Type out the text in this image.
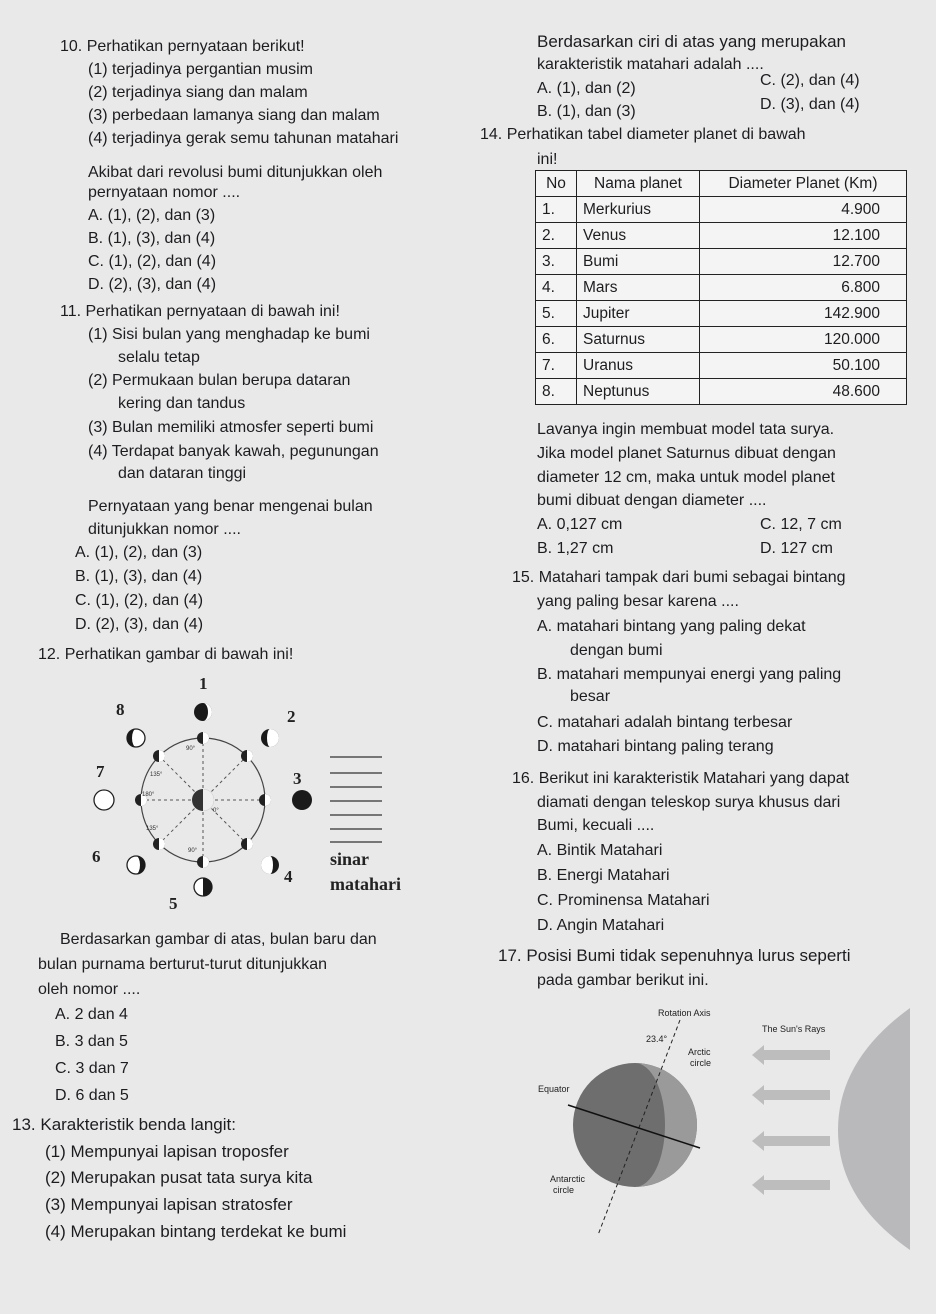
10. Perhatikan pernyataan berikut!
(1) terjadinya pergantian musim
(2) terjadinya siang dan malam
(3) perbedaan lamanya siang dan malam
(4) terjadinya gerak semu tahunan matahari
Akibat dari revolusi bumi ditunjukkan oleh
pernyataan nomor ....
A. (1), (2), dan (3)
B. (1), (3), dan (4)
C. (1), (2), dan (4)
D. (2), (3), dan (4)
11. Perhatikan pernyataan di bawah ini!
(1) Sisi bulan yang menghadap ke bumi
selalu tetap
(2) Permukaan bulan berupa dataran
kering dan tandus
(3) Bulan memiliki atmosfer seperti bumi
(4) Terdapat banyak kawah, pegunungan
dan dataran tinggi
Pernyataan yang benar mengenai bulan
ditunjukkan nomor ....
A. (1), (2), dan (3)
B. (1), (3), dan (4)
C. (1), (2), dan (4)
D. (2), (3), dan (4)
12. Perhatikan gambar di bawah ini!
90°
135°
180°
0°
135°
90°
1
2
3
4
5
6
7
8
sinar
matahari
Berdasarkan gambar di atas, bulan baru dan
bulan purnama berturut-turut ditunjukkan
oleh nomor ....
A. 2 dan 4
B. 3 dan 5
C. 3 dan 7
D. 6 dan 5
13. Karakteristik benda langit:
(1) Mempunyai lapisan troposfer
(2) Merupakan pusat tata surya kita
(3) Mempunyai lapisan stratosfer
(4) Merupakan bintang terdekat ke bumi
Berdasarkan ciri di atas yang merupakan
karakteristik matahari adalah ....
A. (1), dan (2)
B. (1), dan (3)
C. (2), dan (4)
D. (3), dan (4)
14. Perhatikan tabel diameter planet di bawah
ini!
No	Nama planet	Diameter Planet (Km)
1.	Merkurius	4.900
2.	Venus	12.100
3.	Bumi	12.700
4.	Mars	6.800
5.	Jupiter	142.900
6.	Saturnus	120.000
7.	Uranus	50.100
8.	Neptunus	48.600
Lavanya ingin membuat model tata surya.
Jika model planet Saturnus dibuat dengan
diameter 12 cm, maka untuk model planet
bumi dibuat dengan diameter ....
A. 0,127 cm
B. 1,27 cm
C. 12, 7 cm
D. 127 cm
15. Matahari tampak dari bumi sebagai bintang
yang paling besar karena ....
A. matahari bintang yang paling dekat
dengan bumi
B. matahari mempunyai energi yang paling
besar
C. matahari adalah bintang terbesar
D. matahari bintang paling terang
16. Berikut ini karakteristik Matahari yang dapat
diamati dengan teleskop surya khusus dari
Bumi, kecuali ....
A. Bintik Matahari
B. Energi Matahari
C. Prominensa Matahari
D. Angin Matahari
17. Posisi Bumi tidak sepenuhnya lurus seperti
pada gambar berikut ini.
Rotation Axis
23.4°
Arctic
circle
Equator
Antarctic
circle
The Sun's Rays
